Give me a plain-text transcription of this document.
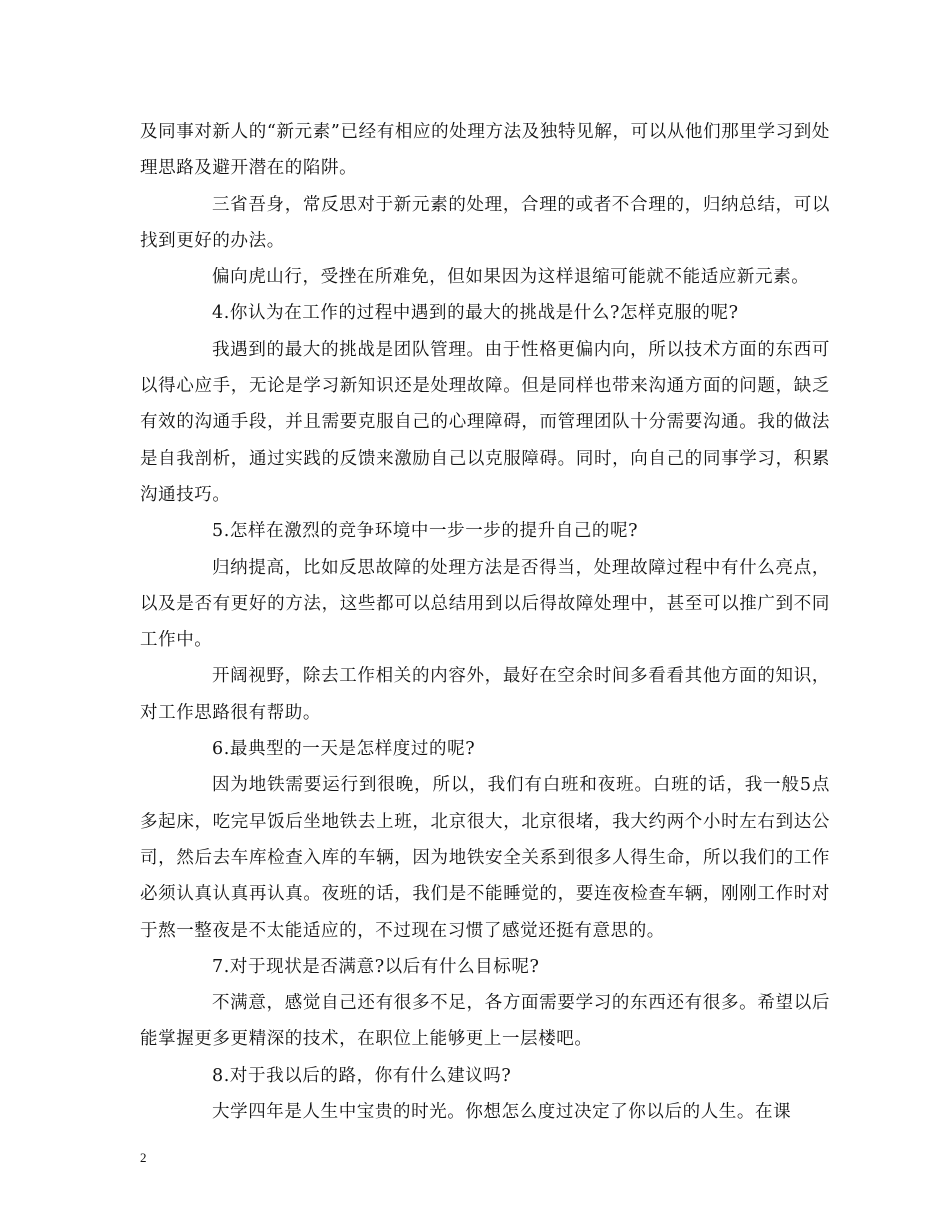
及同事对新人的“新元素”已经有相应的处理方法及独特见解，可以从他们那里学习到处理思路及避开潜在的陷阱。

三省吾身，常反思对于新元素的处理，合理的或者不合理的，归纳总结，可以找到更好的办法。

偏向虎山行，受挫在所难免，但如果因为这样退缩可能就不能适应新元素。

4.你认为在工作的过程中遇到的最大的挑战是什么?怎样克服的呢?

我遇到的最大的挑战是团队管理。由于性格更偏内向，所以技术方面的东西可以得心应手，无论是学习新知识还是处理故障。但是同样也带来沟通方面的问题，缺乏有效的沟通手段，并且需要克服自己的心理障碍，而管理团队十分需要沟通。我的做法是自我剖析，通过实践的反馈来激励自己以克服障碍。同时，向自己的同事学习，积累沟通技巧。

5.怎样在激烈的竞争环境中一步一步的提升自己的呢?

归纳提高，比如反思故障的处理方法是否得当，处理故障过程中有什么亮点，以及是否有更好的方法，这些都可以总结用到以后得故障处理中，甚至可以推广到不同工作中。

开阔视野，除去工作相关的内容外，最好在空余时间多看看其他方面的知识，对工作思路很有帮助。

6.最典型的一天是怎样度过的呢?

因为地铁需要运行到很晚，所以，我们有白班和夜班。白班的话，我一般5点多起床，吃完早饭后坐地铁去上班，北京很大，北京很堵，我大约两个小时左右到达公司，然后去车库检查入库的车辆，因为地铁安全关系到很多人得生命，所以我们的工作必须认真认真再认真。夜班的话，我们是不能睡觉的，要连夜检查车辆，刚刚工作时对于熬一整夜是不太能适应的，不过现在习惯了感觉还挺有意思的。

7.对于现状是否满意?以后有什么目标呢?

不满意，感觉自己还有很多不足，各方面需要学习的东西还有很多。希望以后能掌握更多更精深的技术，在职位上能够更上一层楼吧。

8.对于我以后的路，你有什么建议吗?

大学四年是人生中宝贵的时光。你想怎么度过决定了你以后的人生。在课

2
